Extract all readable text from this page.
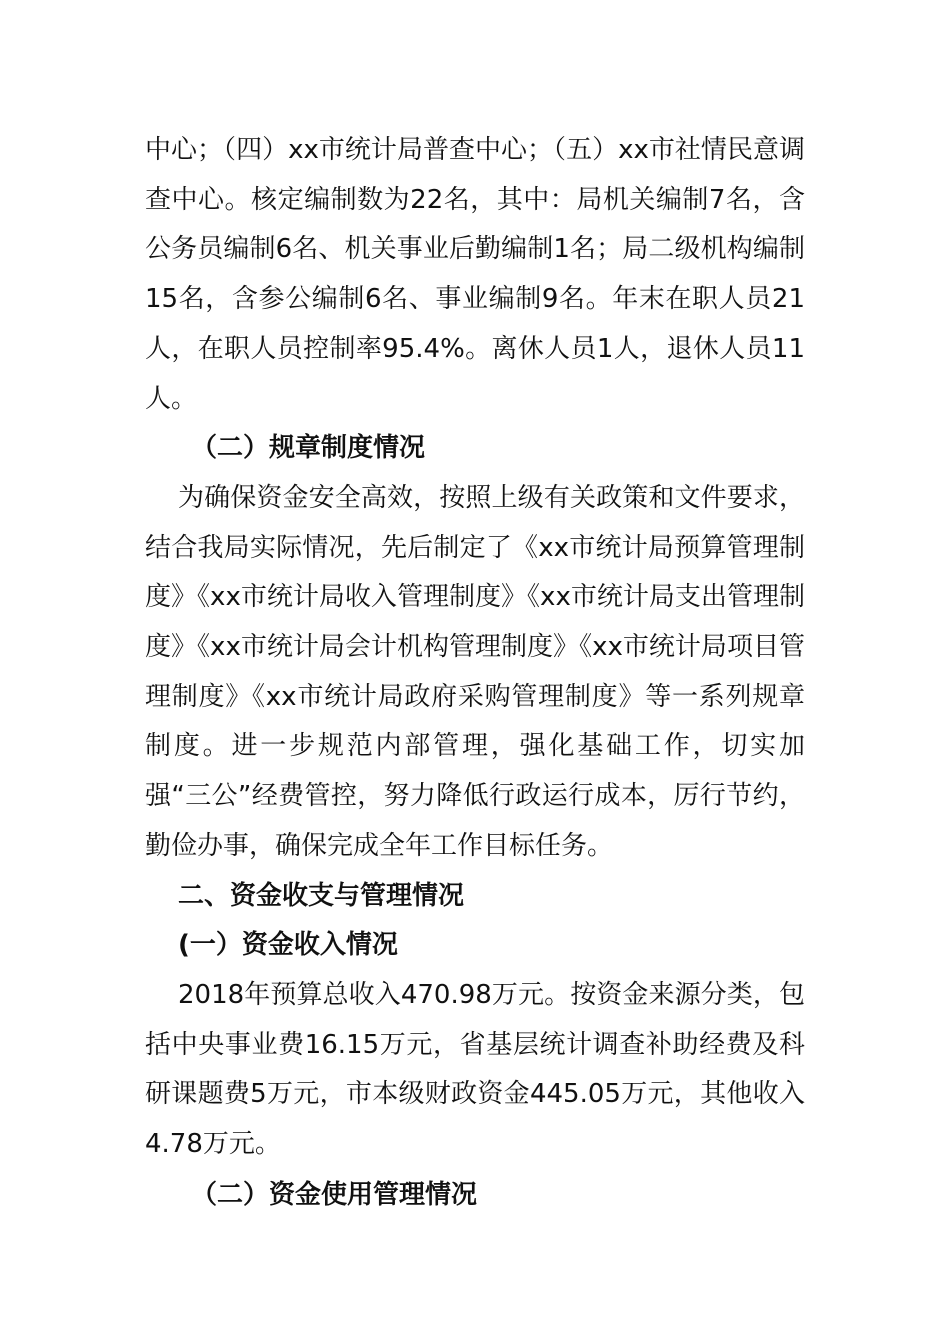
中心；（四）xx市统计局普查中心；（五）xx市社情民意调查中心。核定编制数为22名，其中：局机关编制7名，含公务员编制6名、机关事业后勤编制1名；局二级机构编制15名，含参公编制6名、事业编制9名。年末在职人员21人，在职人员控制率95.4%。离休人员1人，退休人员11人。

（二）规章制度情况

为确保资金安全高效，按照上级有关政策和文件要求，结合我局实际情况，先后制定了《xx市统计局预算管理制度》《xx市统计局收入管理制度》《xx市统计局支出管理制度》《xx市统计局会计机构管理制度》《xx市统计局项目管理制度》《xx市统计局政府采购管理制度》等一系列规章制度。进一步规范内部管理，强化基础工作，切实加强“三公”经费管控，努力降低行政运行成本，厉行节约，勤俭办事，确保完成全年工作目标任务。

二、资金收支与管理情况

(一）资金收入情况

2018年预算总收入470.98万元。按资金来源分类，包括中央事业费16.15万元，省基层统计调查补助经费及科研课题费5万元，市本级财政资金445.05万元，其他收入4.78万元。

（二）资金使用管理情况
